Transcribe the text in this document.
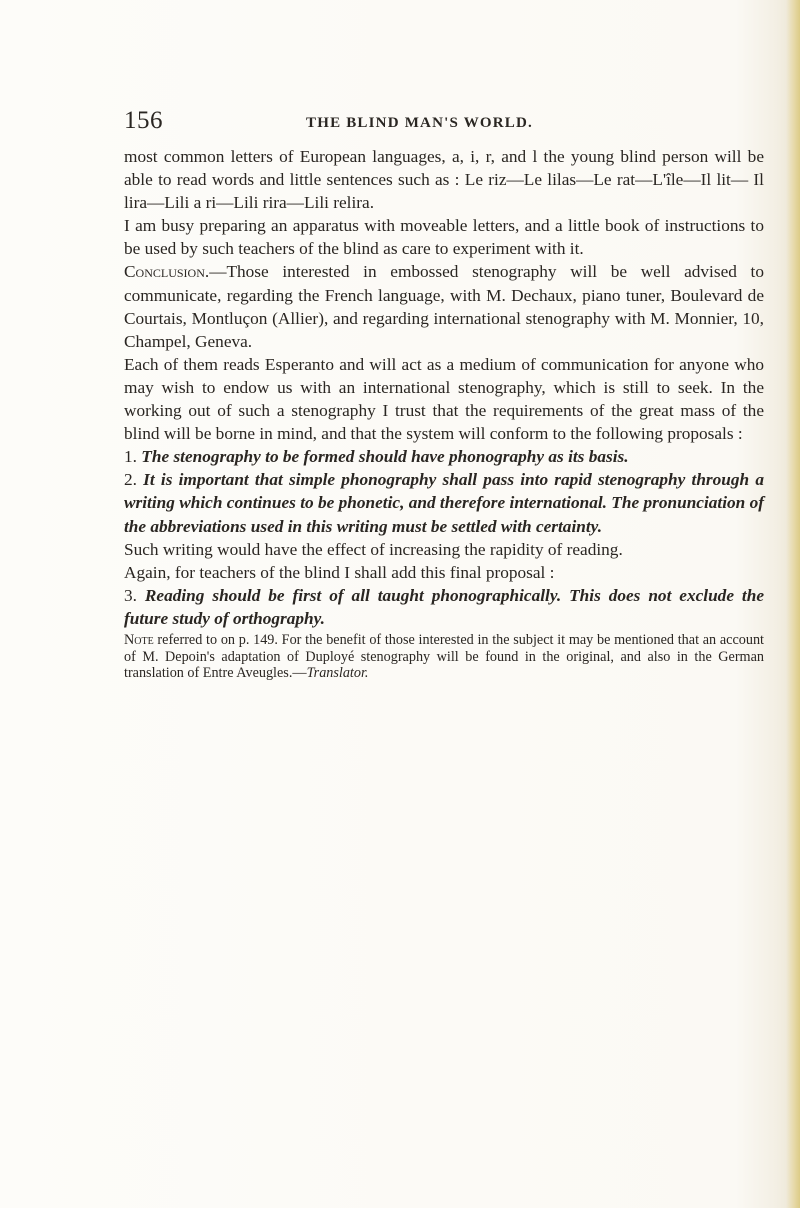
156	THE BLIND MAN'S WORLD.

most common letters of European languages, a, i, r, and l the young blind person will be able to read words and little sentences such as : Le riz—Le lilas—Le rat—L'île—Il lit— Il lira—Lili a ri—Lili rira—Lili relira.

I am busy preparing an apparatus with moveable letters, and a little book of instructions to be used by such teachers of the blind as care to experiment with it.

Conclusion.—Those interested in embossed stenography will be well advised to communicate, regarding the French language, with M. Dechaux, piano tuner, Boulevard de Courtais, Montluçon (Allier), and regarding international stenography with M. Monnier, 10, Champel, Geneva.

Each of them reads Esperanto and will act as a medium of communication for anyone who may wish to endow us with an international stenography, which is still to seek. In the working out of such a stenography I trust that the requirements of the great mass of the blind will be borne in mind, and that the system will conform to the following proposals :

1. The stenography to be formed should have phonography as its basis.

2. It is important that simple phonography shall pass into rapid stenography through a writing which continues to be phonetic, and therefore international. The pronunciation of the abbreviations used in this writing must be settled with certainty.

Such writing would have the effect of increasing the rapidity of reading.

Again, for teachers of the blind I shall add this final proposal :

3. Reading should be first of all taught phonographically. This does not exclude the future study of orthography.

Note referred to on p. 149. For the benefit of those interested in the subject it may be mentioned that an account of M. Depoin's adaptation of Duployé stenography will be found in the original, and also in the German translation of Entre Aveugles.—Translator.
